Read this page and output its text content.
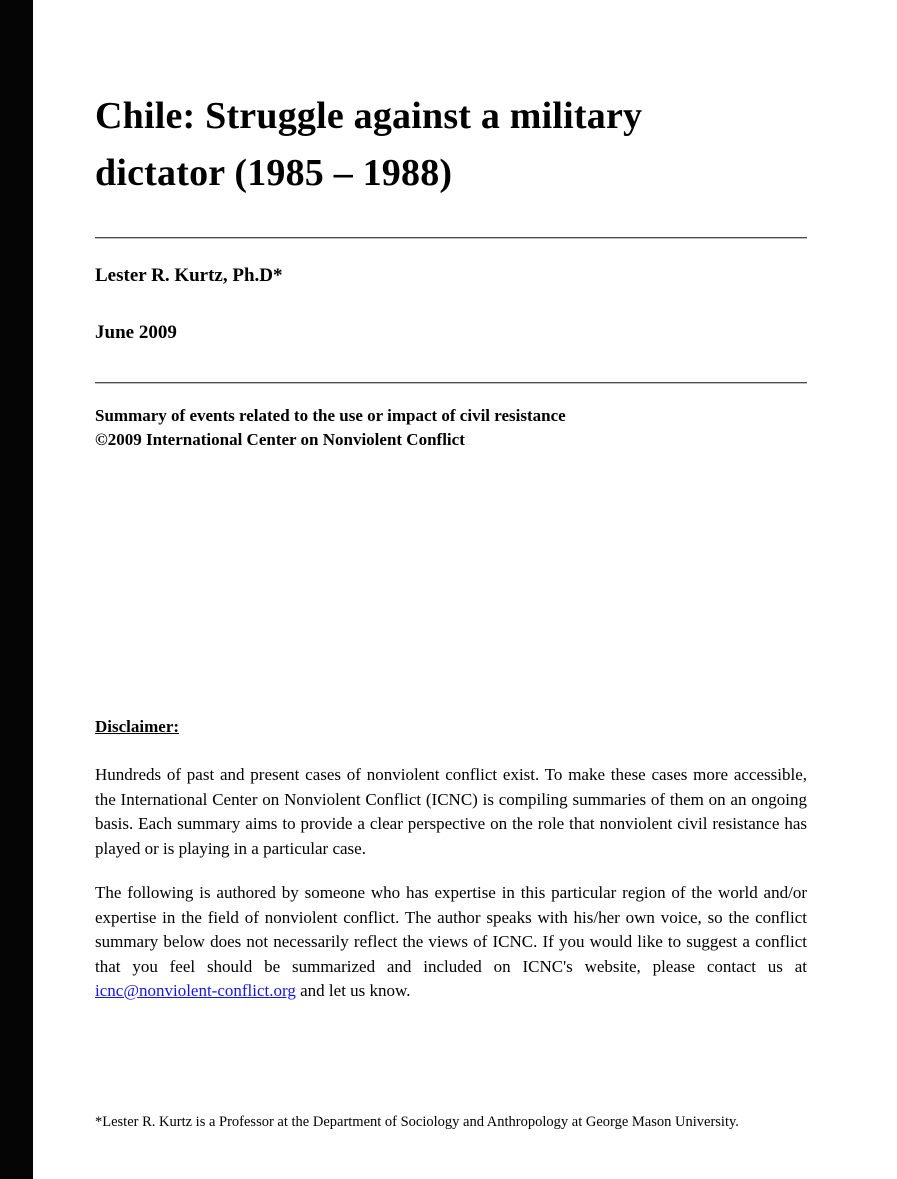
Chile: Struggle against a military
dictator (1985 – 1988)
Lester R. Kurtz, Ph.D*
June 2009
Summary of events related to the use or impact of civil resistance
©2009 International Center on Nonviolent Conflict
Disclaimer:
Hundreds of past and present cases of nonviolent conflict exist. To make these cases more accessible, the International Center on Nonviolent Conflict (ICNC) is compiling summaries of them on an ongoing basis. Each summary aims to provide a clear perspective on the role that nonviolent civil resistance has played or is playing in a particular case.
The following is authored by someone who has expertise in this particular region of the world and/or expertise in the field of nonviolent conflict. The author speaks with his/her own voice, so the conflict summary below does not necessarily reflect the views of ICNC. If you would like to suggest a conflict that you feel should be summarized and included on ICNC's website, please contact us at icnc@nonviolent-conflict.org and let us know.
*Lester R. Kurtz is a Professor at the Department of Sociology and Anthropology at George Mason University.
